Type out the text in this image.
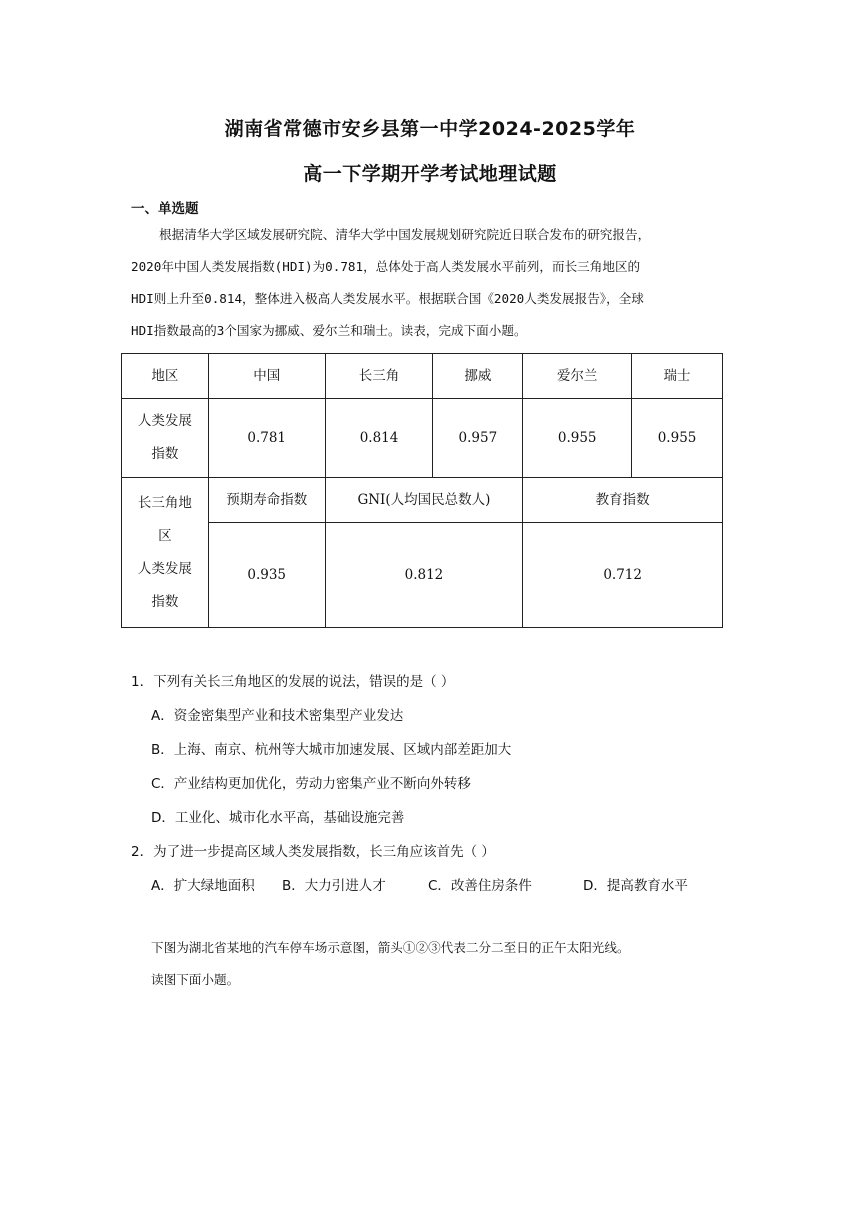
湖南省常德市安乡县第一中学2024-2025学年
高一下学期开学考试地理试题
一、单选题
根据清华大学区域发展研究院、清华大学中国发展规划研究院近日联合发布的研究报告，
2020年中国人类发展指数(HDI)为0.781，总体处于高人类发展水平前列，而长三角地区的
HDI则上升至0.814，整体进入极高人类发展水平。根据联合国《2020人类发展报告》，全球
HDI指数最高的3个国家为挪威、爱尔兰和瑞士。读表，完成下面小题。
地区	中国	长三角	挪威	爱尔兰	瑞士

人类发展
指数	0.781	0.814	0.957	0.955	0.955

长三角地
区
人类发展
指数	预期寿命指数	GNI(人均国民总数人)		教育指数	
	0.935	0.812		0.712	
1．下列有关长三角地区的发展的说法，错误的是（ ）
A．资金密集型产业和技术密集型产业发达
B．上海、南京、杭州等大城市加速发展、区域内部差距加大
C．产业结构更加优化，劳动力密集产业不断向外转移
D．工业化、城市化水平高，基础设施完善
2．为了进一步提高区域人类发展指数，长三角应该首先（ ）
A．扩大绿地面积 B．大力引进人才	C．改善住房条件	D．提高教育水平
下图为湖北省某地的汽车停车场示意图，箭头①②③代表二分二至日的正午太阳光线。
读图下面小题。
